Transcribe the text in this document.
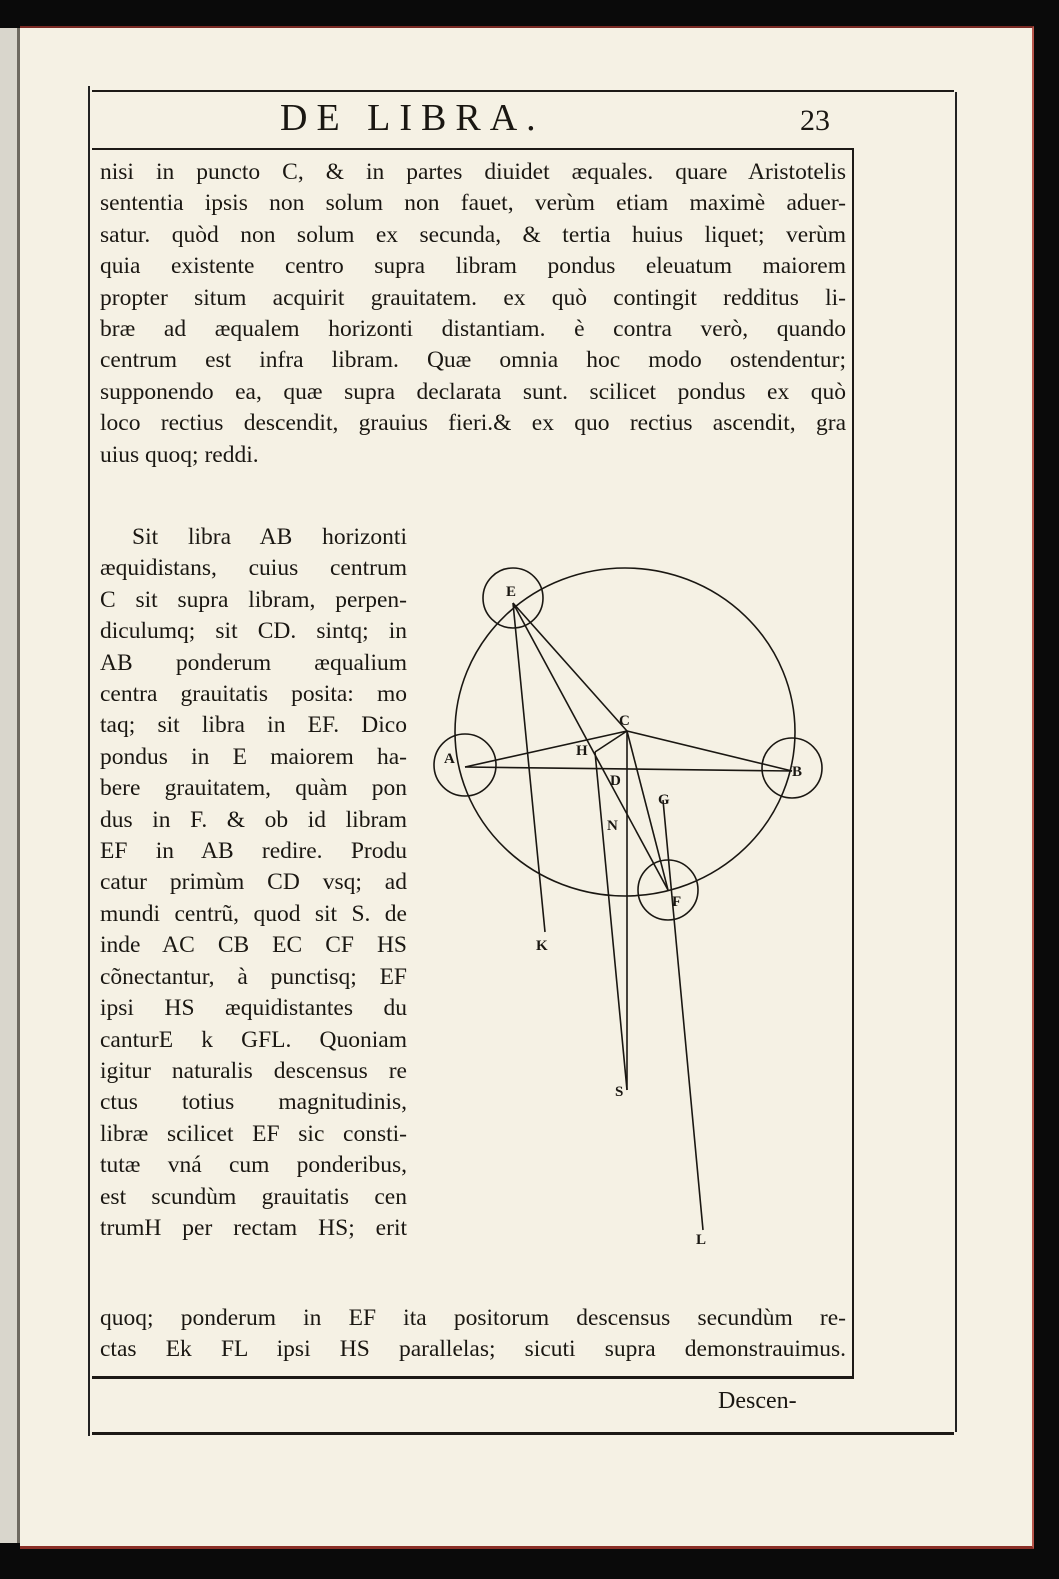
DE LIBRA.	23
nisi in puncto C, & in partes diuidet æquales. quare Aristotelis
sententia ipsis non solum non fauet, verùm etiam maximè aduer-
satur. quòd non solum ex secunda, & tertia huius liquet; verùm
quia existente centro supra libram pondus eleuatum maiorem
propter situm acquirit grauitatem. ex quò contingit redditus li-
bræ ad æqualem horizonti distantiam. è contra verò, quando
centrum est infra libram. Quæ omnia hoc modo ostendentur;
supponendo ea, quæ supra declarata sunt. scilicet pondus ex quò
loco rectius descendit, grauius fieri.& ex quo rectius ascendit, gra
uius quoq; reddi.
Sit libra AB horizonti
æquidistans, cuius centrum
C sit supra libram, perpen-
diculumq; sit CD. sintq; in
AB ponderum æqualium
centra grauitatis posita: mo
taq; sit libra in EF. Dico
pondus in E maiorem ha-
bere grauitatem, quàm pon
dus in F. & ob id libram
EF in AB redire. Produ
catur primùm CD vsq; ad
mundi centrũ, quod sit S. de
inde AC CB EC CF HS
cõnectantur, à punctisq; EF
ipsi HS æquidistantes du
canturE k GFL. Quoniam
igitur naturalis descensus re
ctus totius magnitudinis,
libræ scilicet EF sic consti-
tutæ vná cum ponderibus,
est scundùm grauitatis cen
trumH per rectam HS; erit
quoq; ponderum in EF ita positorum descensus secundùm re-
ctas Ek FL ipsi HS parallelas; sicuti supra demonstrauimus.
Descen-
E
A
B
C
H
D
G
N
F
K
S
L
